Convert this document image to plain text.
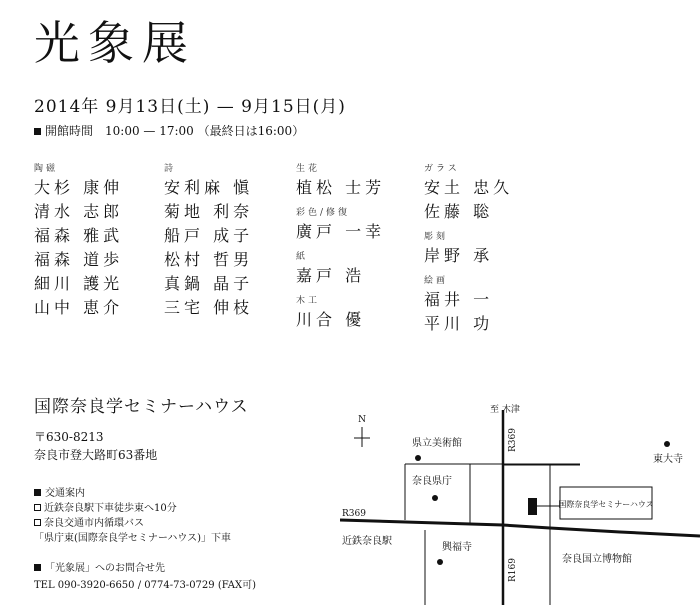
光象展
2014年 9月13日(土) — 9月15日(月)
開館時間　10:00 — 17:00 （最終日は16:00）
陶磁
大杉 康伸
清水 志郎
福森 雅武
福森 道歩
細川 護光
山中 恵介
詩
安利麻 愼
菊地 利奈
船戸 成子
松村 哲男
真鍋 晶子
三宅 伸枝
生花
植松 士芳
彩色/修復
廣戸 一幸
紙
嘉戸 浩
木工
川合 優
ガラス
安土 忠久
佐藤 聡
彫刻
岸野 承
絵画
福井 一
平川 功
国際奈良学セミナーハウス
〒630-8213
奈良市登大路町63番地
交通案内
近鉄奈良駅下車徒歩東へ10分
奈良交通市内循環バス
「県庁東(国際奈良学セミナーハウス)」下車
「光象展」へのお問合せ先
TEL 090-3920-6650 / 0774-73-0729 (FAX可)
N
至 木津
R369
R369
R169
県立美術館
東大寺
奈良県庁
国際奈良学セミナーハウス
近鉄奈良駅
興福寺
奈良国立博物館
